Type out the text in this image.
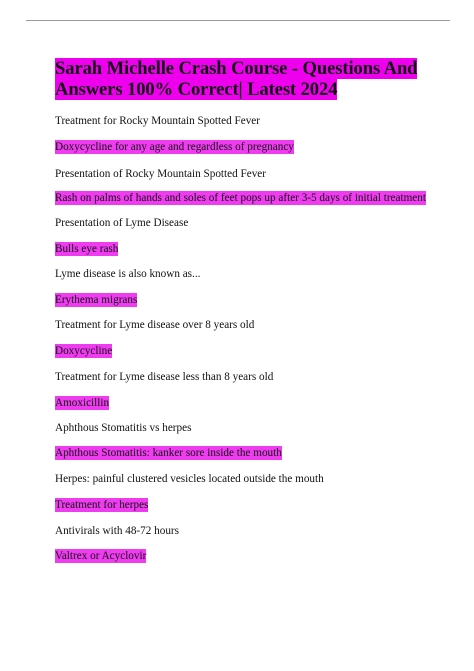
Sarah Michelle Crash Course - Questions And Answers 100% Correct| Latest 2024

Treatment for Rocky Mountain Spotted Fever

Doxycycline for any age and regardless of pregnancy

Presentation of Rocky Mountain Spotted Fever

Rash on palms of hands and soles of feet pops up after 3-5 days of initial treatment

Presentation of Lyme Disease

Bulls eye rash

Lyme disease is also known as...

Erythema migrans

Treatment for Lyme disease over 8 years old

Doxycycline

Treatment for Lyme disease less than 8 years old

Amoxicillin

Aphthous Stomatitis vs herpes

Aphthous Stomatitis: kanker sore inside the mouth

Herpes: painful clustered vesicles located outside the mouth

Treatment for herpes

Antivirals with 48-72 hours

Valtrex or Acyclovir
